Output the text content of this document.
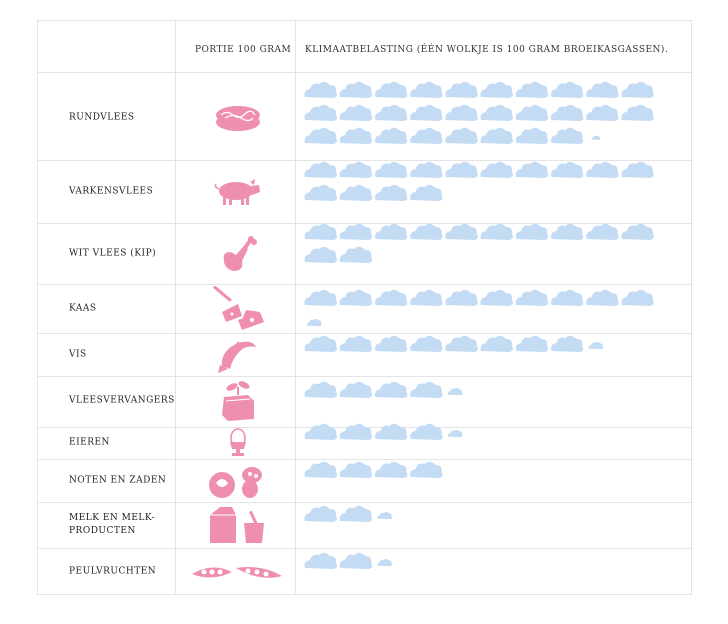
PORTIE 100 GRAM KLIMAATBELASTING (ÉÉN WOLKJE IS 100 GRAM BROEIKASGASSEN).
RUNDVLEES
VARKENSVLEES
WIT VLEES (KIP)
KAAS
VIS
VLEESVERVANGERS
EIEREN
NOTEN EN ZADEN
MELK EN MELK-PRODUCTEN
PEULVRUCHTEN
